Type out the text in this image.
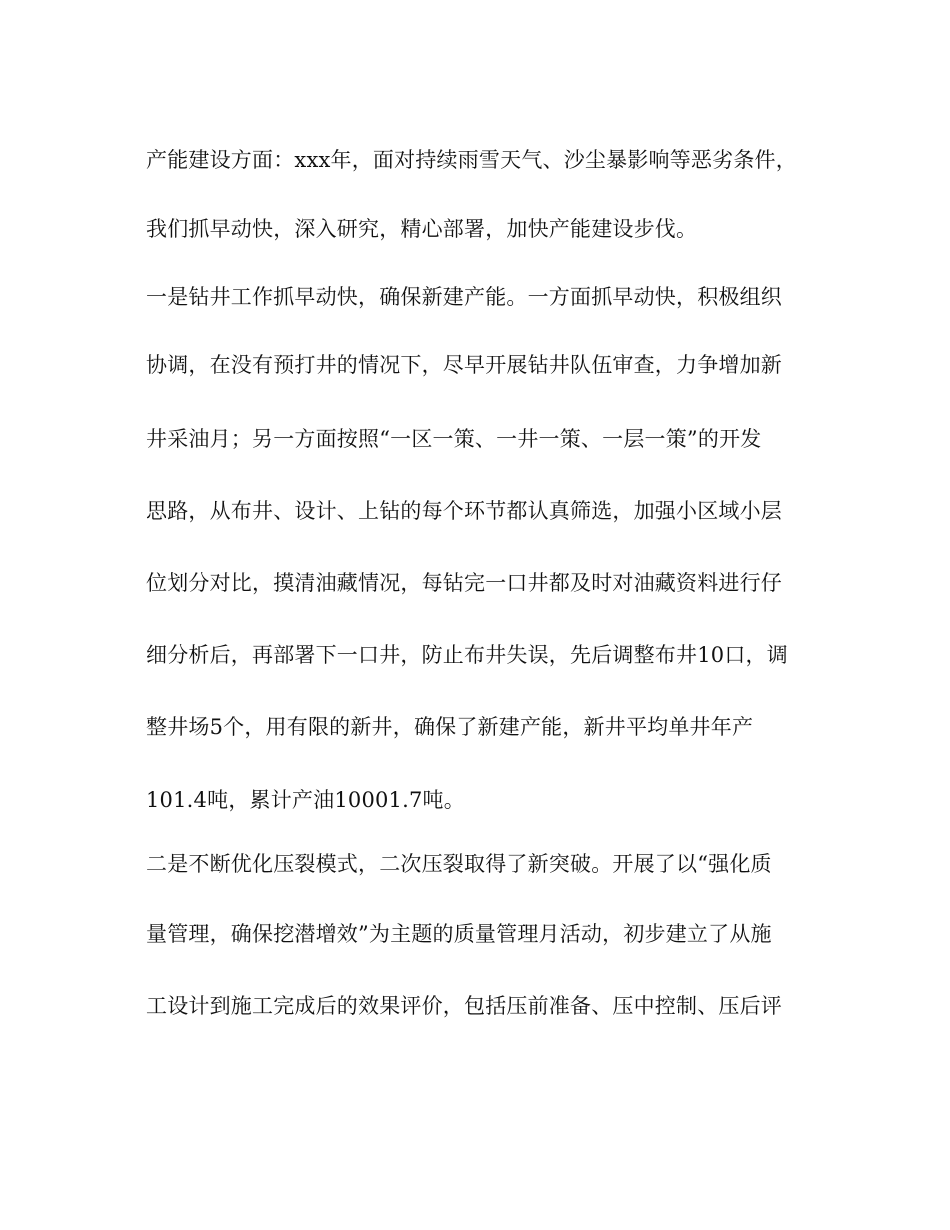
产能建设方面：xxx年，面对持续雨雪天气、沙尘暴影响等恶劣条件，
我们抓早动快，深入研究，精心部署，加快产能建设步伐。
一是钻井工作抓早动快，确保新建产能。一方面抓早动快，积极组织
协调，在没有预打井的情况下，尽早开展钻井队伍审查，力争增加新
井采油月；另一方面按照“一区一策、一井一策、一层一策”的开发
思路，从布井、设计、上钻的每个环节都认真筛选，加强小区域小层
位划分对比，摸清油藏情况，每钻完一口井都及时对油藏资料进行仔
细分析后，再部署下一口井，防止布井失误，先后调整布井10口，调
整井场5个，用有限的新井，确保了新建产能，新井平均单井年产
101.4吨，累计产油10001.7吨。
二是不断优化压裂模式，二次压裂取得了新突破。开展了以“强化质
量管理，确保挖潜增效”为主题的质量管理月活动，初步建立了从施
工设计到施工完成后的效果评价，包括压前准备、压中控制、压后评
